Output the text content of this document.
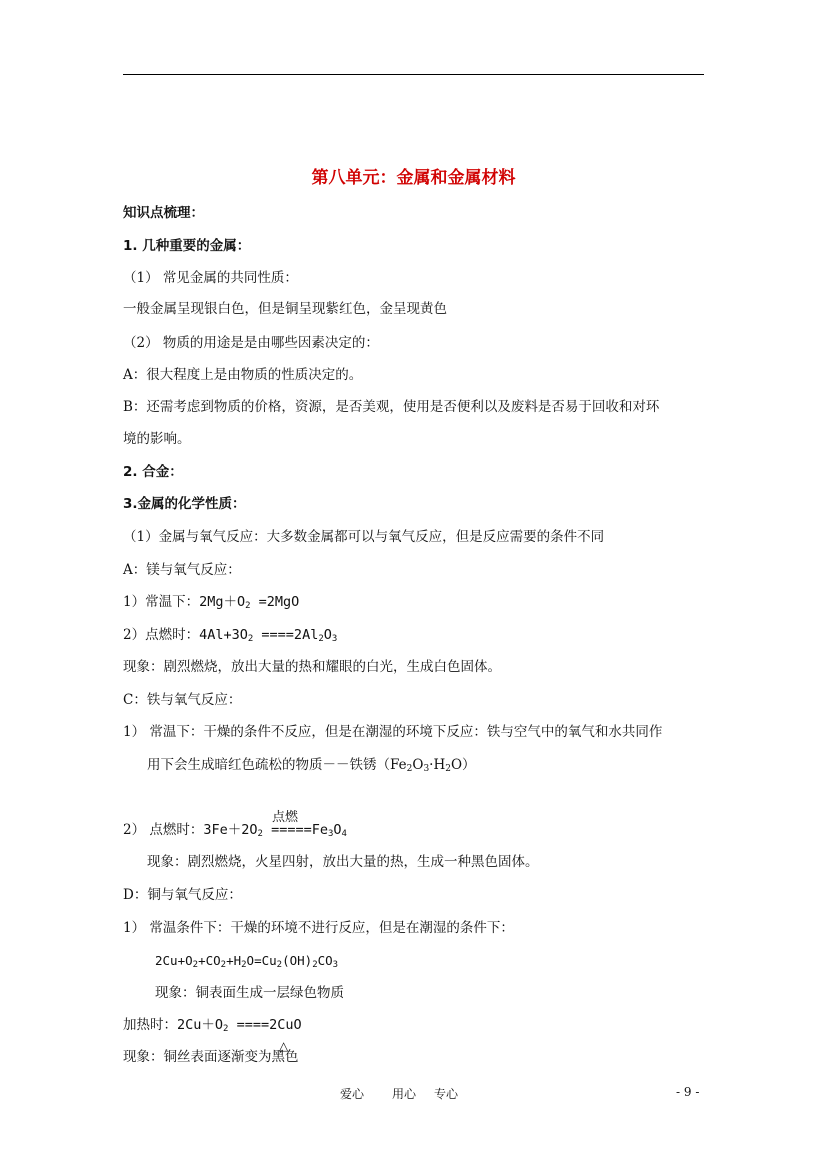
第八单元：金属和金属材料
知识点梳理：
1. 几种重要的金属：
（1） 常见金属的共同性质：
一般金属呈现银白色，但是铜呈现紫红色，金呈现黄色
（2） 物质的用途是是由哪些因素决定的：
A：很大程度上是由物质的性质决定的。
B：还需考虑到物质的价格，资源，是否美观，使用是否便利以及废料是否易于回收和对环
境的影响。
2. 合金：
3.金属的化学性质：
（1）金属与氧气反应：大多数金属都可以与氧气反应，但是反应需要的条件不同
A：镁与氧气反应：
1）常温下：$2Mg+O_2 =2MgO$
2）点燃时：$4Al+3O_2 ====2Al_2O_3$
现象：剧烈燃烧，放出大量的热和耀眼的白光，生成白色固体。
C：铁与氧气反应：
1） 常温下：干燥的条件不反应，但是在潮湿的环境下反应：铁与空气中的氧气和水共同作
用下会生成暗红色疏松的物质－－铁锈$(Fe_2O_3\cdot H_2O)$
点燃
2） 点燃时：$3Fe+2O_2 =====Fe_3O_4$
现象：剧烈燃烧，火星四射，放出大量的热，生成一种黑色固体。
D：铜与氧气反应：
1） 常温条件下：干燥的环境不进行反应，但是在潮湿的条件下：
$2Cu+O_2+CO_2+H_2O=Cu_2(OH)_2CO_3$
现象：铜表面生成一层绿色物质
加热时：$2Cu+O_2 ====2CuO$
△
现象：铜丝表面逐渐变为黑色
爱心 用心 专心	- 9 -
